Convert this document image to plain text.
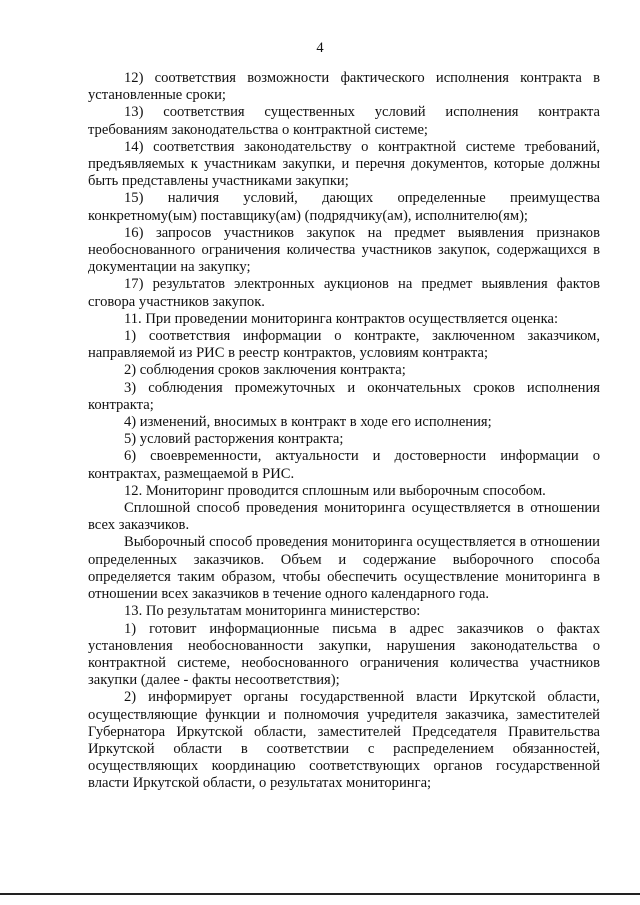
4

12) соответствия возможности фактического исполнения контракта в установленные сроки;

13) соответствия существенных условий исполнения контракта требованиям законодательства о контрактной системе;

14) соответствия законодательству о контрактной системе требований, предъявляемых к участникам закупки, и перечня документов, которые должны быть представлены участниками закупки;

15) наличия условий, дающих определенные преимущества конкретному(ым) поставщику(ам) (подрядчику(ам), исполнителю(ям);

16) запросов участников закупок на предмет выявления признаков необоснованного ограничения количества участников закупок, содержащихся в документации на закупку;

17) результатов электронных аукционов на предмет выявления фактов сговора участников закупок.

11. При проведении мониторинга контрактов осуществляется оценка:

1) соответствия информации о контракте, заключенном заказчиком, направляемой из РИС в реестр контрактов, условиям контракта;

2) соблюдения сроков заключения контракта;

3) соблюдения промежуточных и окончательных сроков исполнения контракта;

4) изменений, вносимых в контракт в ходе его исполнения;

5) условий расторжения контракта;

6) своевременности, актуальности и достоверности информации о контрактах, размещаемой в РИС.

12. Мониторинг проводится сплошным или выборочным способом.

Сплошной способ проведения мониторинга осуществляется в отношении всех заказчиков.

Выборочный способ проведения мониторинга осуществляется в отношении определенных заказчиков. Объем и содержание выборочного способа определяется таким образом, чтобы обеспечить осуществление мониторинга в отношении всех заказчиков в течение одного календарного года.

13. По результатам мониторинга министерство:

1) готовит информационные письма в адрес заказчиков о фактах установления необоснованности закупки, нарушения законодательства о контрактной системе, необоснованного ограничения количества участников закупки (далее - факты несоответствия);

2) информирует органы государственной власти Иркутской области, осуществляющие функции и полномочия учредителя заказчика, заместителей Губернатора Иркутской области, заместителей Председателя Правительства Иркутской области в соответствии с распределением обязанностей, осуществляющих координацию соответствующих органов государственной власти Иркутской области, о результатах мониторинга;
